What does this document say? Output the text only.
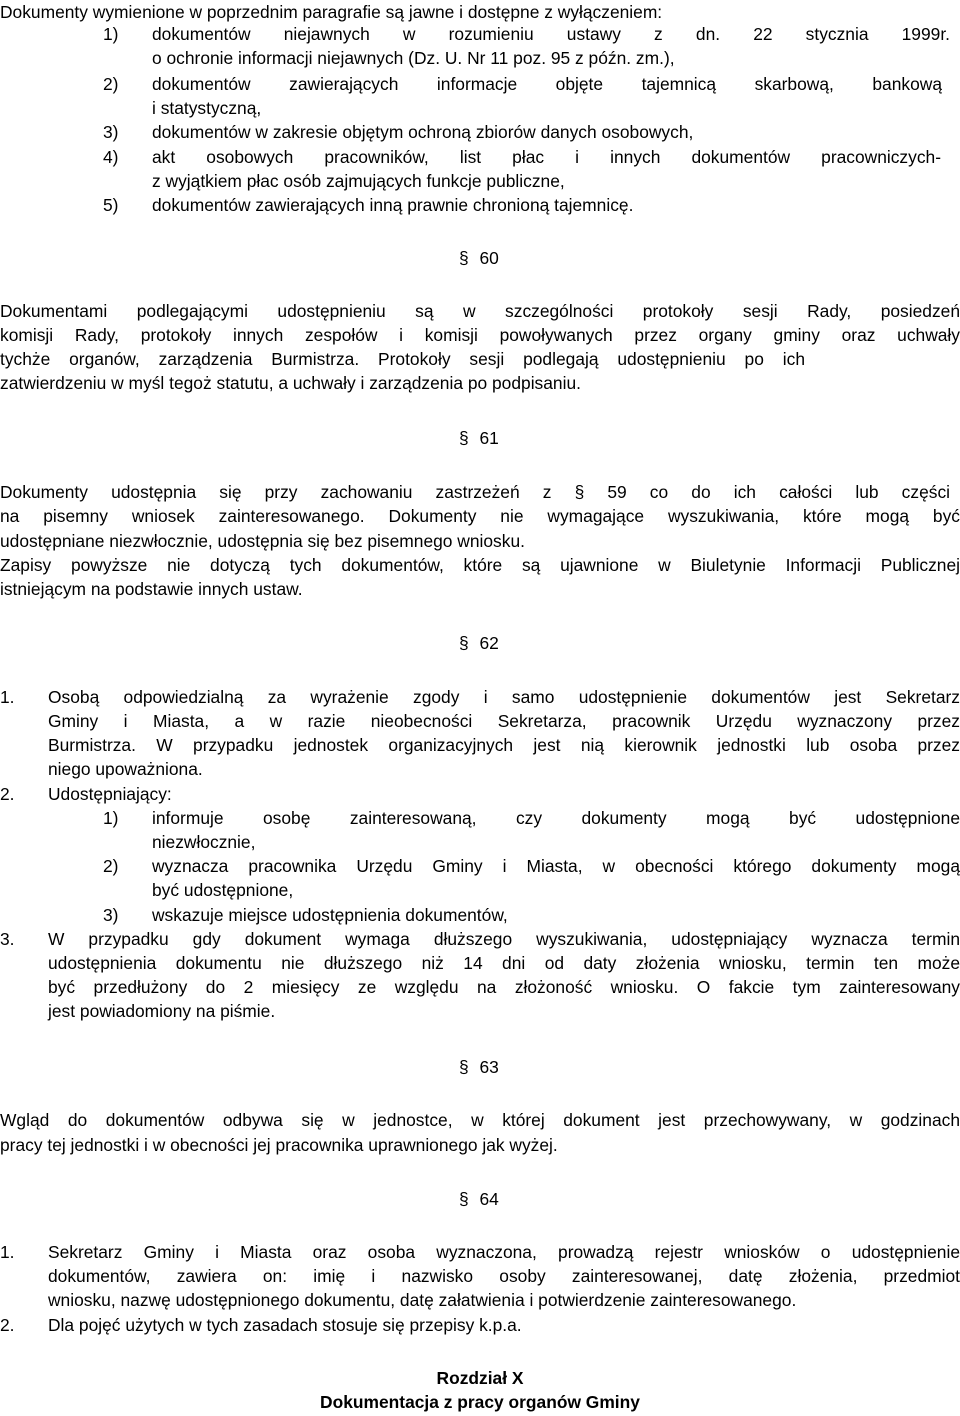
Dokumenty wymienione w poprzednim paragrafie są jawne i dostępne z wyłączeniem:
1) dokumentów niejawnych w rozumieniu ustawy z dn. 22 stycznia 1999r.
o ochronie informacji niejawnych (Dz. U. Nr 11 poz. 95 z późn. zm.),
2) dokumentów zawierających informacje objęte tajemnicą skarbową, bankową
i statystyczną,
3) dokumentów w zakresie objętym ochroną zbiorów danych osobowych,
4) akt osobowych pracowników, list płac i innych dokumentów pracowniczych-
z wyjątkiem płac osób zajmujących funkcje publiczne,
5) dokumentów zawierających inną prawnie chronioną tajemnicę.
§ 60
Dokumentami podlegającymi udostępnieniu są w szczególności protokoły sesji Rady, posiedzeń
komisji Rady, protokoły innych zespołów i komisji powoływanych przez organy gminy oraz uchwały
tychże organów, zarządzenia Burmistrza. Protokoły sesji podlegają udostępnieniu po ich
zatwierdzeniu w myśl tegoż statutu, a uchwały i zarządzenia po podpisaniu.
§ 61
Dokumenty udostępnia się przy zachowaniu zastrzeżeń z § 59 co do ich całości lub części
na pisemny wniosek zainteresowanego. Dokumenty nie wymagające wyszukiwania, które mogą być
udostępniane niezwłocznie, udostępnia się bez pisemnego wniosku.
Zapisy powyższe nie dotyczą tych dokumentów, które są ujawnione w Biuletynie Informacji Publicznej
istniejącym na podstawie innych ustaw.
§ 62
1. Osobą odpowiedzialną za wyrażenie zgody i samo udostępnienie dokumentów jest Sekretarz
Gminy i Miasta, a w razie nieobecności Sekretarza, pracownik Urzędu wyznaczony przez
Burmistrza. W przypadku jednostek organizacyjnych jest nią kierownik jednostki lub osoba przez
niego upoważniona.
2. Udostępniający:
1) informuje osobę zainteresowaną, czy dokumenty mogą być udostępnione
niezwłocznie,
2) wyznacza pracownika Urzędu Gminy i Miasta, w obecności którego dokumenty mogą
być udostępnione,
3) wskazuje miejsce udostępnienia dokumentów,
3. W przypadku gdy dokument wymaga dłuższego wyszukiwania, udostępniający wyznacza termin
udostępnienia dokumentu nie dłuższego niż 14 dni od daty złożenia wniosku, termin ten może
być przedłużony do 2 miesięcy ze względu na złożoność wniosku. O fakcie tym zainteresowany
jest powiadomiony na piśmie.
§ 63
Wgląd do dokumentów odbywa się w jednostce, w której dokument jest przechowywany, w godzinach
pracy tej jednostki i w obecności jej pracownika uprawnionego jak wyżej.
§ 64
1. Sekretarz Gminy i Miasta oraz osoba wyznaczona, prowadzą rejestr wniosków o udostępnienie
dokumentów, zawiera on: imię i nazwisko osoby zainteresowanej, datę złożenia, przedmiot
wniosku, nazwę udostępnionego dokumentu, datę załatwienia i potwierdzenie zainteresowanego.
2. Dla pojęć użytych w tych zasadach stosuje się przepisy k.p.a.
Rozdział X
Dokumentacja z pracy organów Gminy
